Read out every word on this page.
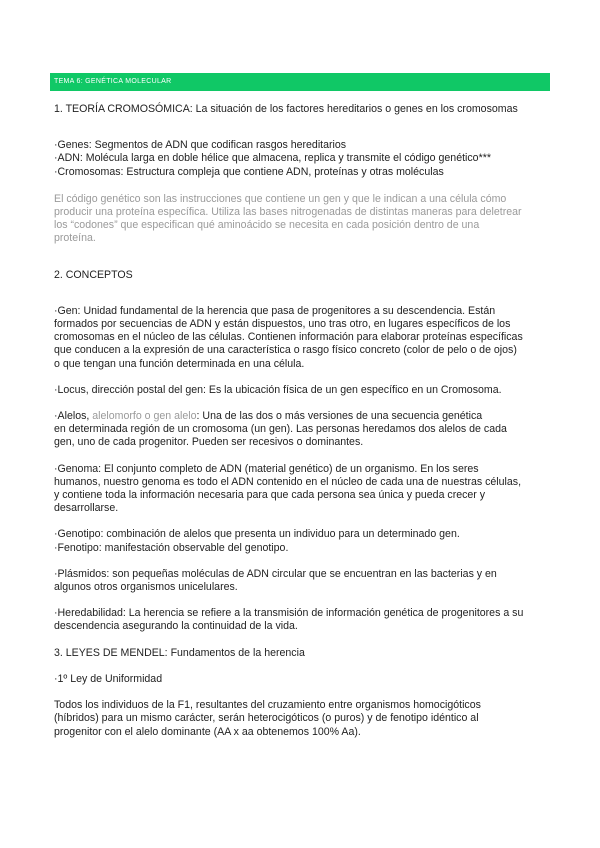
TEMA 6: GENÉTICA MOLECULAR

1. TEORÍA CROMOSÓMICA: La situación de los factores hereditarios o genes en los cromosomas

·Genes: Segmentos de ADN que codifican rasgos hereditarios

·ADN: Molécula larga en doble hélice que almacena, replica y transmite el código genético***

·Cromosomas: Estructura compleja que contiene ADN, proteínas y otras moléculas

El código genético son las instrucciones que contiene un gen y que le indican a una célula cómo

producir una proteína específica. Utiliza las bases nitrogenadas de distintas maneras para deletrear

los “codones” que especifican qué aminoácido se necesita en cada posición dentro de una

proteína.

2. CONCEPTOS

·Gen: Unidad fundamental de la herencia que pasa de progenitores a su descendencia. Están

formados por secuencias de ADN y están dispuestos, uno tras otro, en lugares específicos de los

cromosomas en el núcleo de las células. Contienen información para elaborar proteínas específicas

que conducen a la expresión de una característica o rasgo físico concreto (color de pelo o de ojos)

o que tengan una función determinada en una célula.

·Locus, dirección postal del gen: Es la ubicación física de un gen específico en un Cromosoma.

·Alelos, alelomorfo o gen alelo: Una de las dos o más versiones de una secuencia genética

en determinada región de un cromosoma (un gen). Las personas heredamos dos alelos de cada

gen, uno de cada progenitor. Pueden ser recesivos o dominantes.

·Genoma: El conjunto completo de ADN (material genético) de un organismo. En los seres

humanos, nuestro genoma es todo el ADN contenido en el núcleo de cada una de nuestras células,

y contiene toda la información necesaria para que cada persona sea única y pueda crecer y

desarrollarse.

·Genotipo: combinación de alelos que presenta un individuo para un determinado gen.

·Fenotipo: manifestación observable del genotipo.

·Plásmidos: son pequeñas moléculas de ADN circular que se encuentran en las bacterias y en

algunos otros organismos unicelulares.

·Heredabilidad: La herencia se refiere a la transmisión de información genética de progenitores a su

descendencia asegurando la continuidad de la vida.

3. LEYES DE MENDEL: Fundamentos de la herencia

·1º Ley de Uniformidad

Todos los individuos de la F1, resultantes del cruzamiento entre organismos homocigóticos

(híbridos) para un mismo carácter, serán heterocigóticos (o puros) y de fenotipo idéntico al

progenitor con el alelo dominante (AA x aa obtenemos 100% Aa).
